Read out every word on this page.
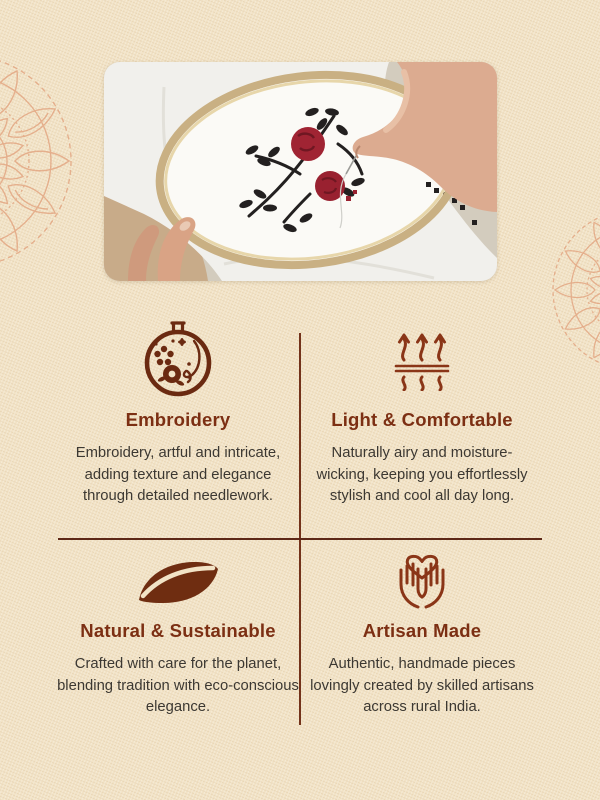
Embroidery

Embroidery, artful and intricate, adding texture and elegance through detailed needlework.

Light & Comfortable

Naturally airy and moisture-wicking, keeping you effortlessly stylish and cool all day long.

Natural & Sustainable

Crafted with care for the planet, blending tradition with eco-conscious elegance.

Artisan Made

Authentic, handmade pieces lovingly created by skilled artisans across rural India.
